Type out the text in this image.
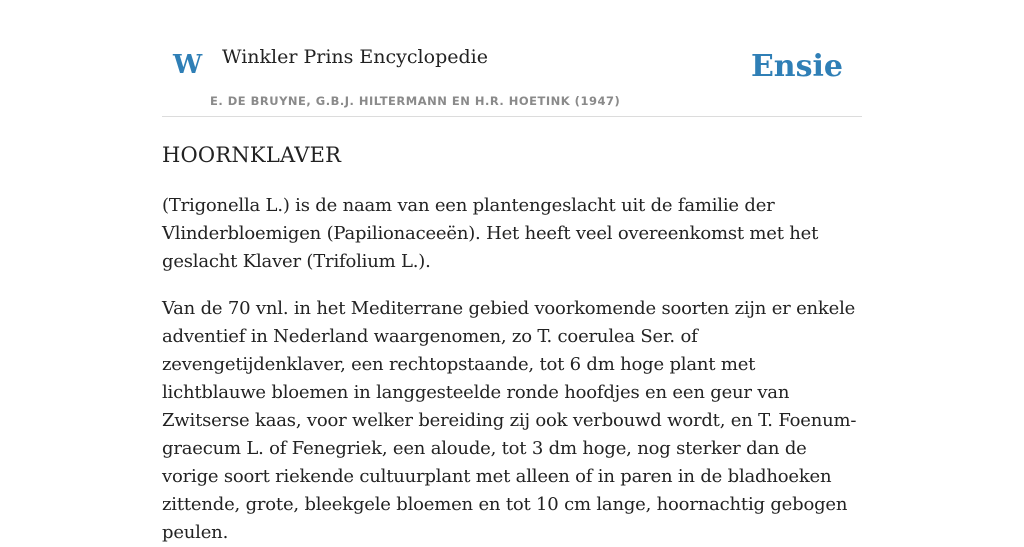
W Winkler Prins Encyclopedie
E. DE BRUYNE, G.B.J. HILTERMANN EN H.R. HOETINK (1947)
Ensie
HOORNKLAVER

(Trigonella L.) is de naam van een plantengeslacht uit de familie der Vlinderbloemigen (Papilionaceeën). Het heeft veel overeenkomst met het geslacht Klaver (Trifolium L.).

Van de 70 vnl. in het Mediterrane gebied voorkomende soorten zijn er enkele adventief in Nederland waargenomen, zo T. coerulea Ser. of zevengetijdenklaver, een rechtopstaande, tot 6 dm hoge plant met lichtblauwe bloemen in langgesteelde ronde hoofdjes en een geur van Zwitserse kaas, voor welker bereiding zij ook verbouwd wordt, en T. Foenum-graecum L. of Fenegriek, een aloude, tot 3 dm hoge, nog sterker dan de vorige soort riekende cultuurplant met alleen of in paren in de bladhoeken zittende, grote, bleekgele bloemen en tot 10 cm lange, hoornachtig gebogen peulen.
